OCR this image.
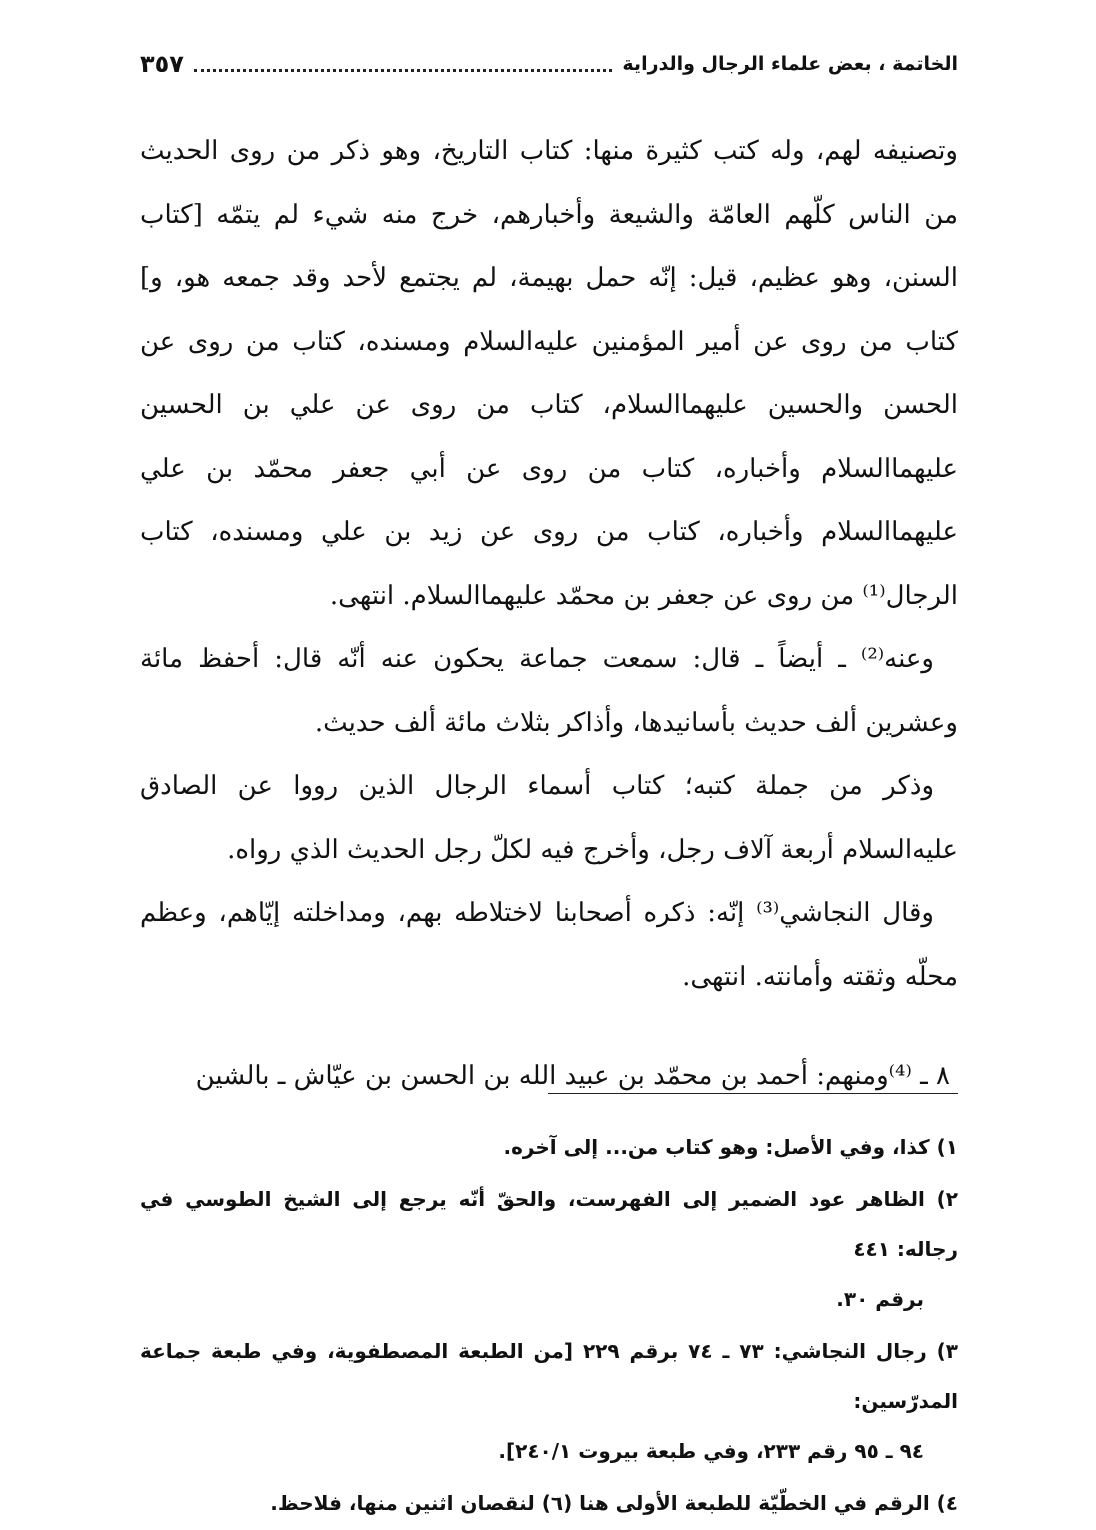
الخاتمة ، بعض علماء الرجال والدراية
٣٥٧

وتصنيفه لهم، وله كتب كثيرة منها: كتاب التاريخ، وهو ذكر من روى الحديث من الناس كلّهم العامّة والشيعة وأخبارهم، خرج منه شيء لم يتمّه [كتاب السنن، وهو عظيم، قيل: إنّه حمل بهيمة، لم يجتمع لأحد وقد جمعه هو، و] كتاب من روى عن أمير المؤمنين عليه‌السلام ومسنده، كتاب من روى عن الحسن والحسين عليهما‌السلام، كتاب من روى عن علي بن الحسين عليهما‌السلام وأخباره، كتاب من روى عن أبي جعفر محمّد بن علي عليهما‌السلام وأخباره، كتاب من روى عن زيد بن علي ومسنده، كتاب الرجال⁽¹⁾ من روى عن جعفر بن محمّد عليهما‌السلام. انتهى.

وعنه⁽²⁾ ـ أيضاً ـ قال: سمعت جماعة يحكون عنه أنّه قال: أحفظ مائة وعشرين ألف حديث بأسانيدها، وأذاكر بثلاث مائة ألف حديث.

وذكر من جملة كتبه؛ كتاب أسماء الرجال الذين رووا عن الصادق عليه‌السلام أربعة آلاف رجل، وأخرج فيه لكلّ رجل الحديث الذي رواه.

وقال النجاشي⁽³⁾ إنّه: ذكره أصحابنا لاختلاطه بهم، ومداخلته إيّاهم، وعظم محلّه وثقته وأمانته. انتهى.

٨ ـ ⁽⁴⁾ومنهم: أحمد بن محمّد بن عبيد الله بن الحسن بن عيّاش ـ بالشين

١) كذا، وفي الأصل: وهو كتاب من... إلى آخره.

٢) الظاهر عود الضمير إلى الفهرست، والحقّ أنّه يرجع إلى الشيخ الطوسي في رجاله: ٤٤١
برقم ٣٠.

٣) رجال النجاشي: ٧٣ ـ ٧٤ برقم ٢٢٩ [من الطبعة المصطفوية، وفي طبعة جماعة المدرّسين:
٩٤ ـ ٩٥ رقم ٢٣٣، وفي طبعة بيروت ٢٤٠/١].

٤) الرقم في الخطّيّة للطبعة الأولى هنا (٦) لنقصان اثنين منها، فلاحظ.
